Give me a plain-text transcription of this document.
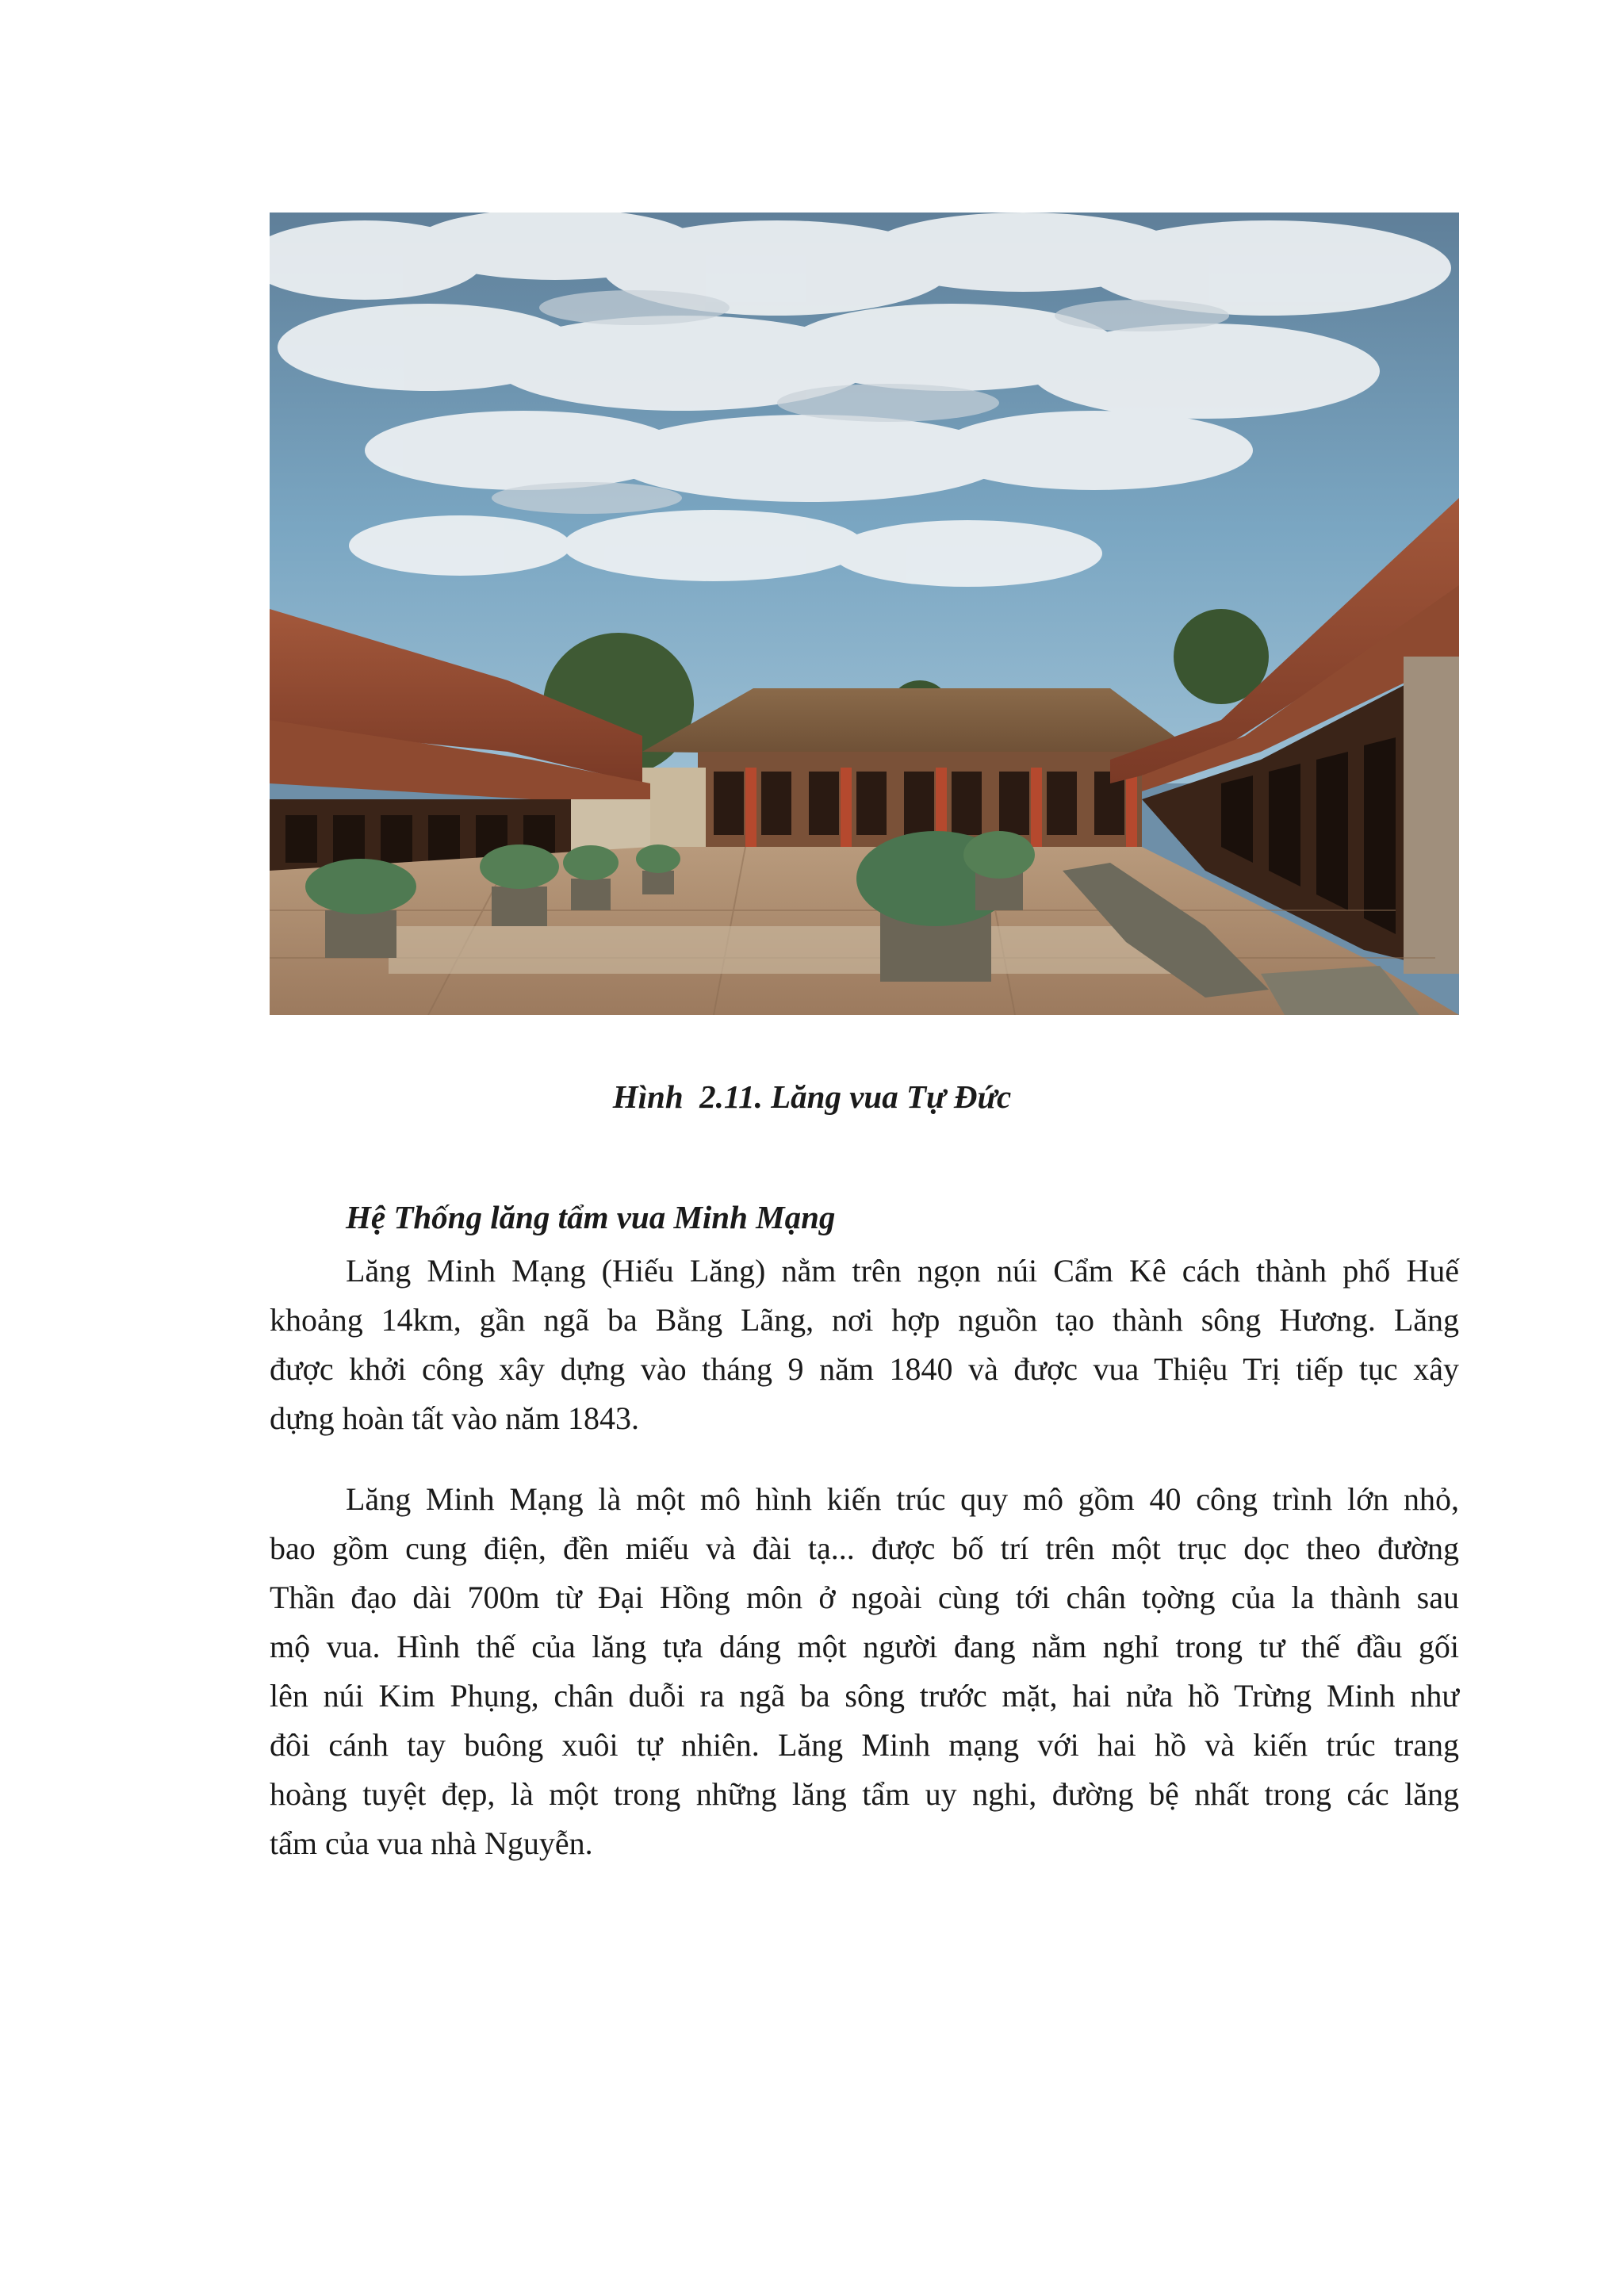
Hình  2.11. Lăng vua Tự Đức
Hệ Thống lăng tẩm vua Minh Mạng
Lăng Minh Mạng (Hiếu Lăng) nằm trên ngọn núi Cẩm Kê cách thành phố Huế
khoảng 14km, gần ngã ba Bằng Lãng, nơi hợp nguồn tạo thành sông Hương. Lăng
được khởi công xây dựng vào tháng 9 năm 1840 và được vua Thiệu Trị tiếp tục xây
dựng hoàn tất vào năm 1843.
Lăng Minh Mạng là một mô hình kiến trúc quy mô gồm 40 công trình lớn nhỏ,
bao gồm cung điện, đền miếu và đài tạ... được bố trí trên một trục dọc theo đường
Thần đạo dài 700m từ Đại Hồng môn ở ngoài cùng tới chân tọờng của la thành sau
mộ vua. Hình thế của lăng tựa dáng một người đang nằm nghỉ trong tư thế đầu gối
lên núi Kim Phụng, chân duỗi ra ngã ba sông trước mặt, hai nửa hồ Trừng Minh như
đôi cánh tay buông xuôi tự nhiên. Lăng Minh mạng với hai hồ và kiến trúc trang
hoàng tuyệt đẹp, là một trong những lăng tẩm uy nghi, đường bệ nhất trong các lăng
tẩm của vua nhà Nguyễn.
